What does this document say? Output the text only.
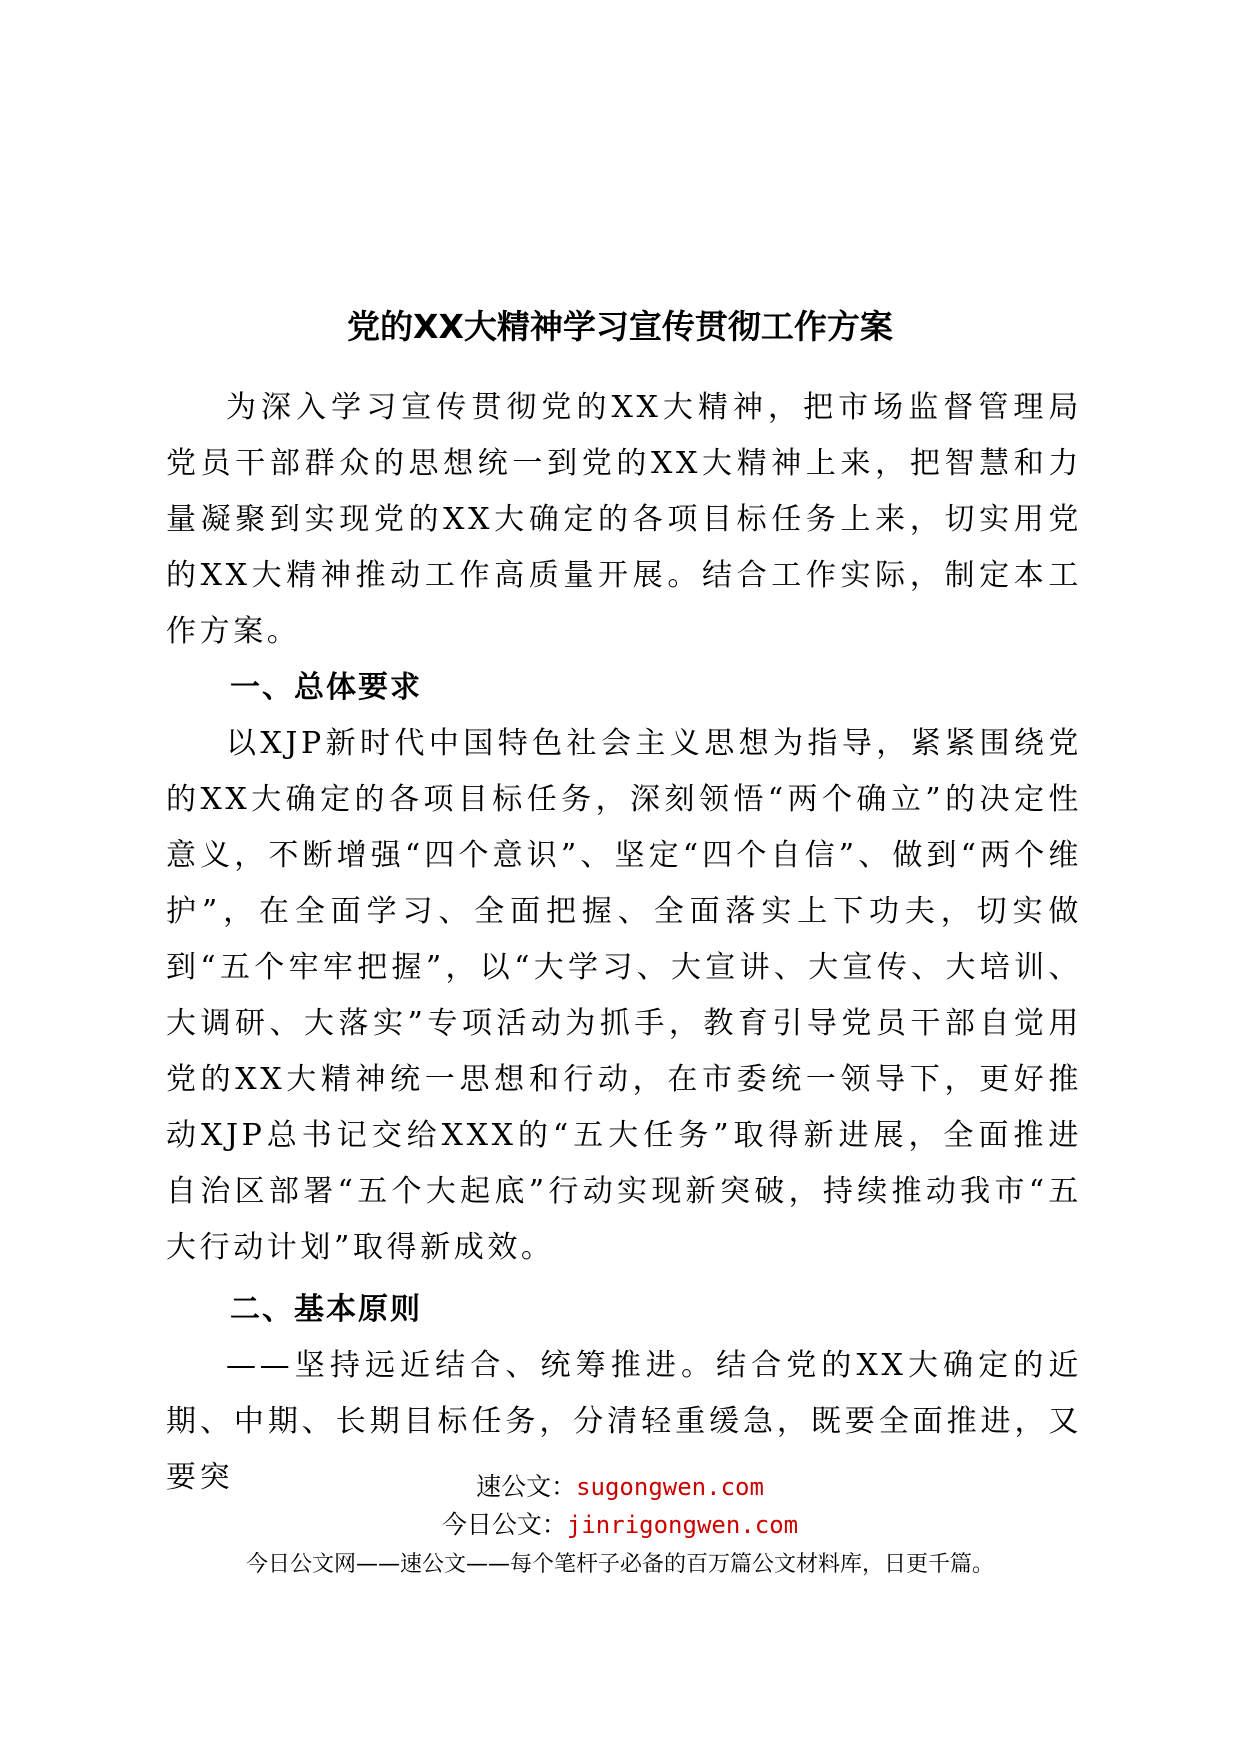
党的XX大精神学习宣传贯彻工作方案

为深入学习宣传贯彻党的XX大精神，把市场监督管理局党员干部群众的思想统一到党的XX大精神上来，把智慧和力量凝聚到实现党的XX大确定的各项目标任务上来，切实用党的XX大精神推动工作高质量开展。结合工作实际，制定本工作方案。

一、总体要求

以XJP新时代中国特色社会主义思想为指导，紧紧围绕党的XX大确定的各项目标任务，深刻领悟“两个确立”的决定性意义，不断增强“四个意识”、坚定“四个自信”、做到“两个维护”，在全面学习、全面把握、全面落实上下功夫，切实做到“五个牢牢把握”，以“大学习、大宣讲、大宣传、大培训、大调研、大落实”专项活动为抓手，教育引导党员干部自觉用党的XX大精神统一思想和行动，在市委统一领导下，更好推动XJP总书记交给XXX的“五大任务”取得新进展，全面推进自治区部署“五个大起底”行动实现新突破，持续推动我市“五大行动计划”取得新成效。

二、基本原则

——坚持远近结合、统筹推进。结合党的XX大确定的近期、中期、长期目标任务，分清轻重缓急，既要全面推进，又要突	速公文：sugongwen.com
今日公文：jinrigongwen.com
今日公文网——速公文——每个笔杆子必备的百万篇公文材料库，日更千篇。
